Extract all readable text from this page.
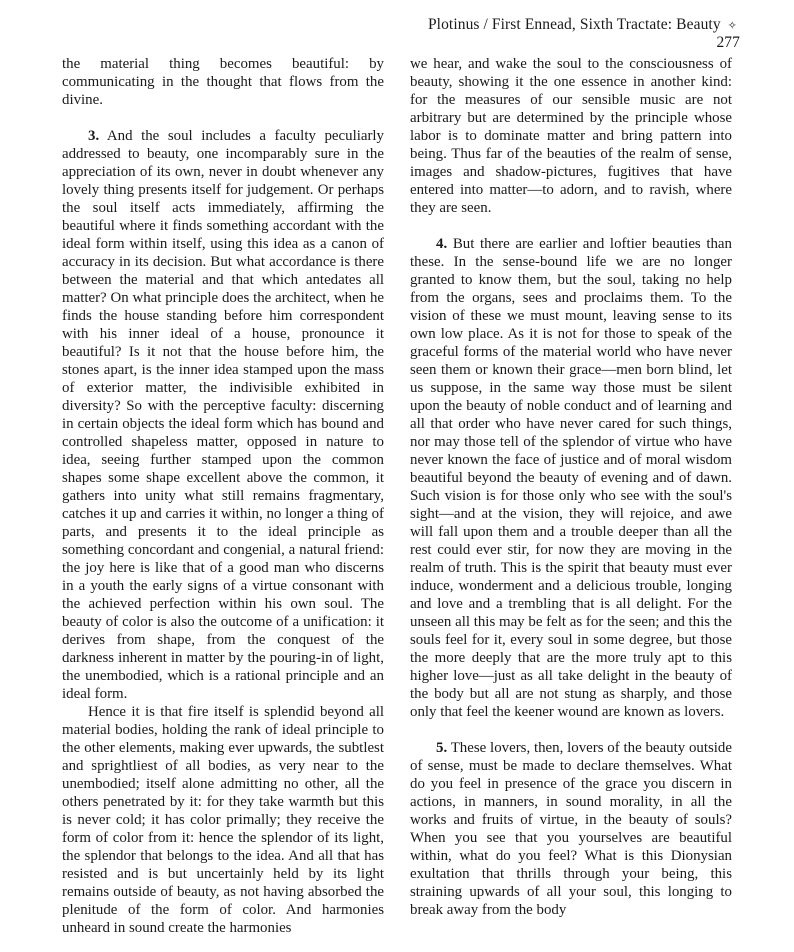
Plotinus / First Ennead, Sixth Tractate: Beauty ✧ 277

the material thing becomes beautiful: by communicating in the thought that flows from the divine.

3. And the soul includes a faculty peculiarly addressed to beauty, one incomparably sure in the appreciation of its own, never in doubt whenever any lovely thing presents itself for judgement. Or perhaps the soul itself acts immediately, affirming the beautiful where it finds something accordant with the ideal form within itself, using this idea as a canon of accuracy in its decision. But what accordance is there between the material and that which antedates all matter? On what principle does the architect, when he finds the house standing before him correspondent with his inner ideal of a house, pronounce it beautiful? Is it not that the house before him, the stones apart, is the inner idea stamped upon the mass of exterior matter, the indivisible exhibited in diversity? So with the perceptive faculty: discerning in certain objects the ideal form which has bound and controlled shapeless matter, opposed in nature to idea, seeing further stamped upon the common shapes some shape excellent above the common, it gathers into unity what still remains fragmentary, catches it up and carries it within, no longer a thing of parts, and presents it to the ideal principle as something concordant and congenial, a natural friend: the joy here is like that of a good man who discerns in a youth the early signs of a virtue consonant with the achieved perfection within his own soul. The beauty of color is also the outcome of a unification: it derives from shape, from the conquest of the darkness inherent in matter by the pouring-in of light, the unembodied, which is a rational principle and an ideal form.

Hence it is that fire itself is splendid beyond all material bodies, holding the rank of ideal principle to the other elements, making ever upwards, the subtlest and sprightliest of all bodies, as very near to the unembodied; itself alone admitting no other, all the others penetrated by it: for they take warmth but this is never cold; it has color primally; they receive the form of color from it: hence the splendor of its light, the splendor that belongs to the idea. And all that has resisted and is but uncertainly held by its light remains outside of beauty, as not having absorbed the plenitude of the form of color. And harmonies unheard in sound create the harmonies

we hear, and wake the soul to the consciousness of beauty, showing it the one essence in another kind: for the measures of our sensible music are not arbitrary but are determined by the principle whose labor is to dominate matter and bring pattern into being. Thus far of the beauties of the realm of sense, images and shadow-pictures, fugitives that have entered into matter—to adorn, and to ravish, where they are seen.

4. But there are earlier and loftier beauties than these. In the sense-bound life we are no longer granted to know them, but the soul, taking no help from the organs, sees and proclaims them. To the vision of these we must mount, leaving sense to its own low place. As it is not for those to speak of the graceful forms of the material world who have never seen them or known their grace—men born blind, let us suppose, in the same way those must be silent upon the beauty of noble conduct and of learning and all that order who have never cared for such things, nor may those tell of the splendor of virtue who have never known the face of justice and of moral wisdom beautiful beyond the beauty of evening and of dawn. Such vision is for those only who see with the soul's sight—and at the vision, they will rejoice, and awe will fall upon them and a trouble deeper than all the rest could ever stir, for now they are moving in the realm of truth. This is the spirit that beauty must ever induce, wonderment and a delicious trouble, longing and love and a trembling that is all delight. For the unseen all this may be felt as for the seen; and this the souls feel for it, every soul in some degree, but those the more deeply that are the more truly apt to this higher love—just as all take delight in the beauty of the body but all are not stung as sharply, and those only that feel the keener wound are known as lovers.

5. These lovers, then, lovers of the beauty outside of sense, must be made to declare themselves. What do you feel in presence of the grace you discern in actions, in manners, in sound morality, in all the works and fruits of virtue, in the beauty of souls? When you see that you yourselves are beautiful within, what do you feel? What is this Dionysian exultation that thrills through your being, this straining upwards of all your soul, this longing to break away from the body
